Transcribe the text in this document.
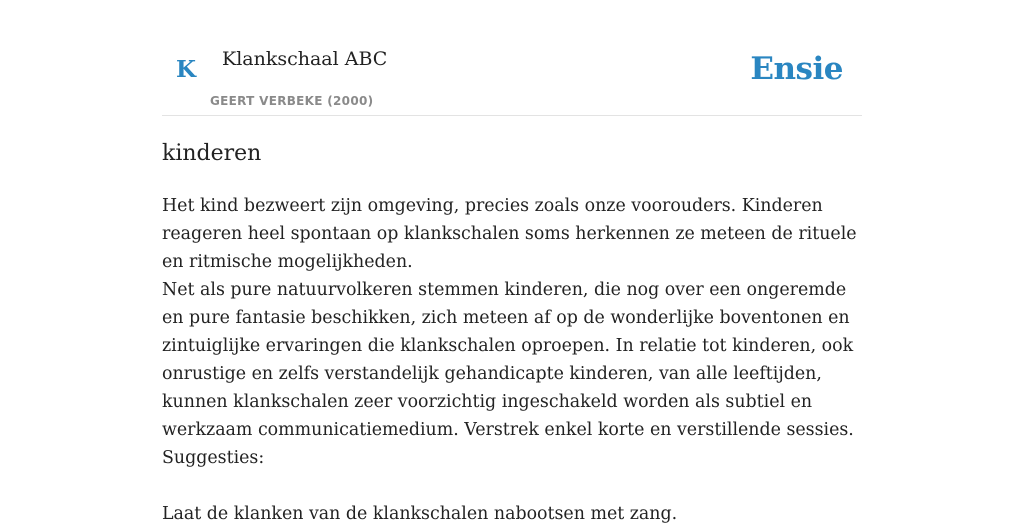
K Klankschaal ABC
GEERT VERBEKE (2000)
Ensie
kinderen

Het kind bezweert zijn omgeving, precies zoals onze voorouders. Kinderen reageren heel spontaan op klankschalen soms herkennen ze meteen de rituele en ritmische mogelijkheden.

Net als pure natuurvolkeren stemmen kinderen, die nog over een ongeremde en pure fantasie beschikken, zich meteen af op de wonderlijke boventonen en zintuiglijke ervaringen die klankschalen oproepen. In relatie tot kinderen, ook onrustige en zelfs verstandelijk gehandicapte kinderen, van alle leeftijden, kunnen klankschalen zeer voorzichtig ingeschakeld worden als subtiel en werkzaam communicatiemedium. Verstrek enkel korte en verstillende sessies.

Suggesties:

Laat de klanken van de klankschalen nabootsen met zang.
